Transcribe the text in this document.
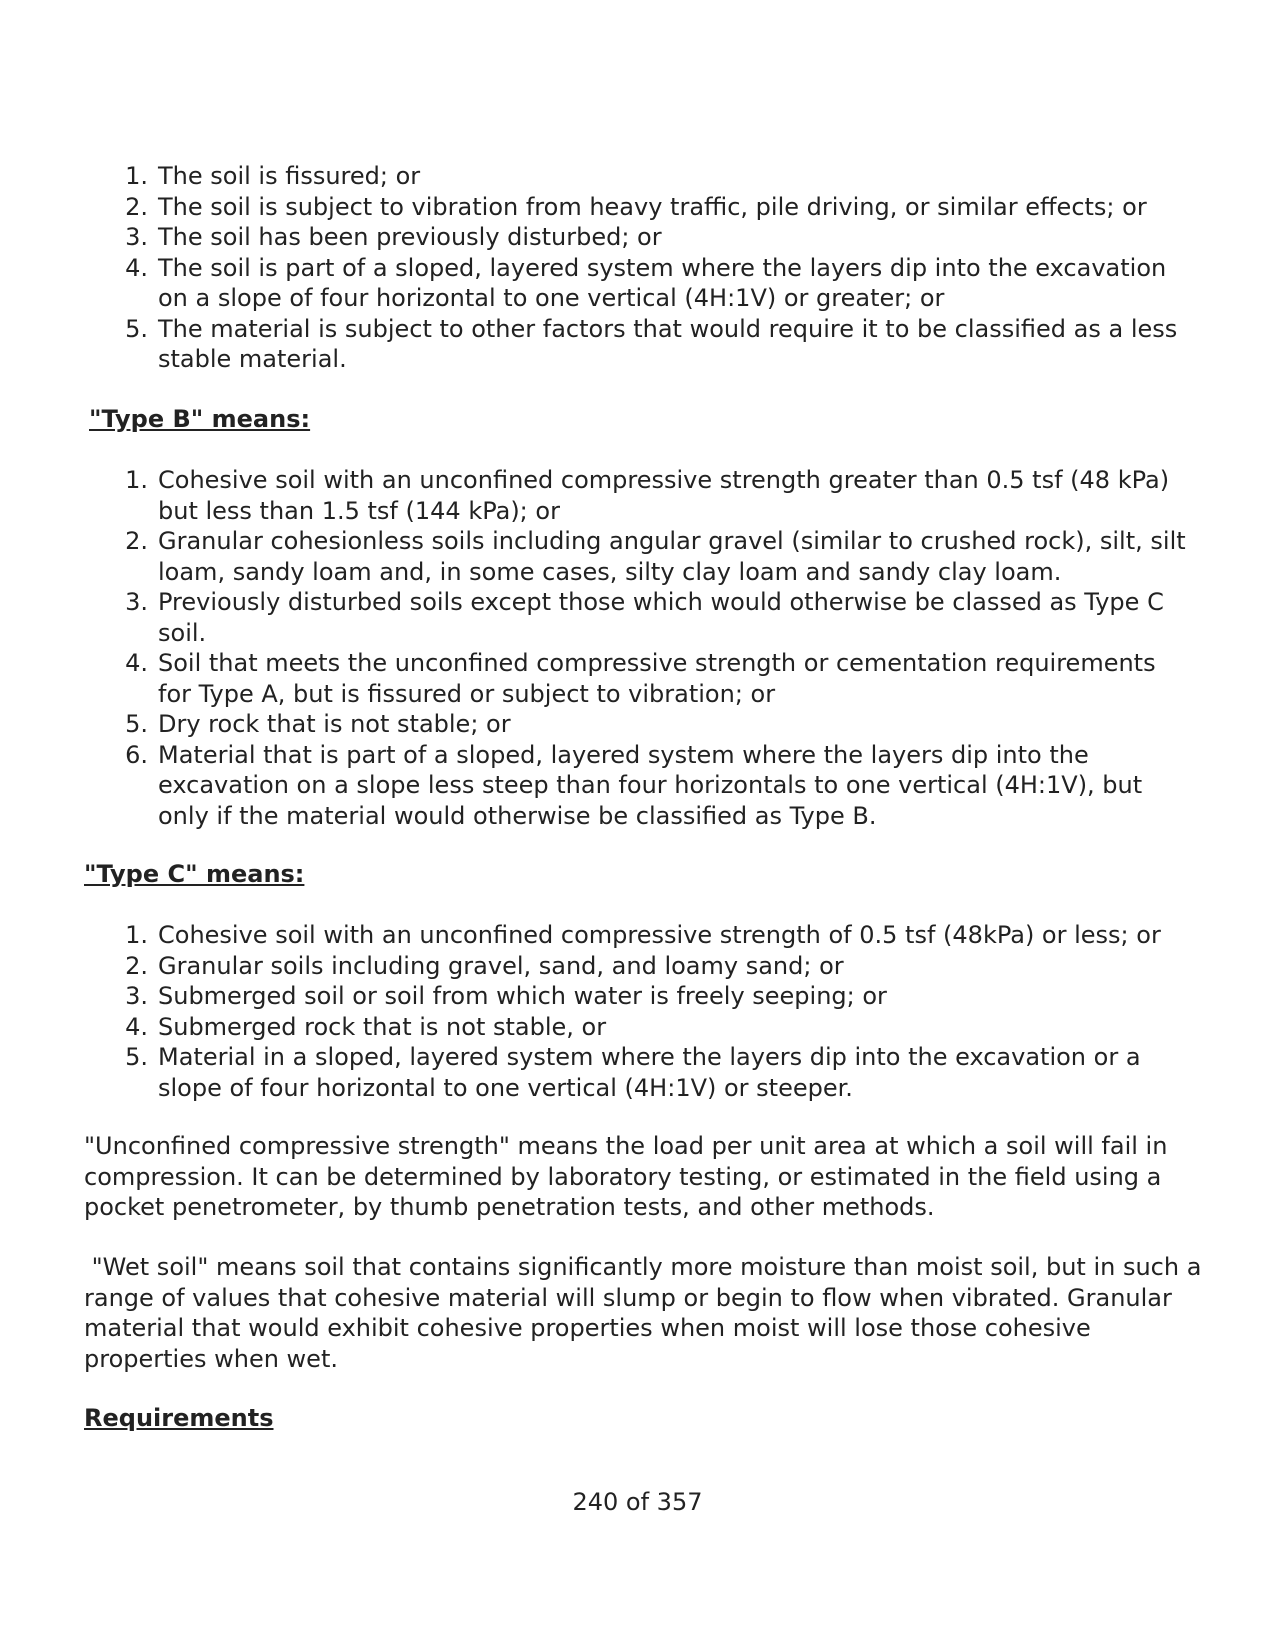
1. The soil is fissured; or
2. The soil is subject to vibration from heavy traffic, pile driving, or similar effects; or
3. The soil has been previously disturbed; or
4. The soil is part of a sloped, layered system where the layers dip into the excavation on a slope of four horizontal to one vertical (4H:1V) or greater; or
5. The material is subject to other factors that would require it to be classified as a less stable material.

"Type B" means:

1. Cohesive soil with an unconfined compressive strength greater than 0.5 tsf (48 kPa) but less than 1.5 tsf (144 kPa); or
2. Granular cohesionless soils including angular gravel (similar to crushed rock), silt, silt loam, sandy loam and, in some cases, silty clay loam and sandy clay loam.
3. Previously disturbed soils except those which would otherwise be classed as Type C soil.
4. Soil that meets the unconfined compressive strength or cementation requirements for Type A, but is fissured or subject to vibration; or
5. Dry rock that is not stable; or
6. Material that is part of a sloped, layered system where the layers dip into the excavation on a slope less steep than four horizontals to one vertical (4H:1V), but only if the material would otherwise be classified as Type B.

"Type C" means:

1. Cohesive soil with an unconfined compressive strength of 0.5 tsf (48kPa) or less; or
2. Granular soils including gravel, sand, and loamy sand; or
3. Submerged soil or soil from which water is freely seeping; or
4. Submerged rock that is not stable, or
5. Material in a sloped, layered system where the layers dip into the excavation or a slope of four horizontal to one vertical (4H:1V) or steeper.

"Unconfined compressive strength" means the load per unit area at which a soil will fail in compression. It can be determined by laboratory testing, or estimated in the field using a pocket penetrometer, by thumb penetration tests, and other methods.

"Wet soil" means soil that contains significantly more moisture than moist soil, but in such a range of values that cohesive material will slump or begin to flow when vibrated. Granular material that would exhibit cohesive properties when moist will lose those cohesive properties when wet.

Requirements

240 of 357
